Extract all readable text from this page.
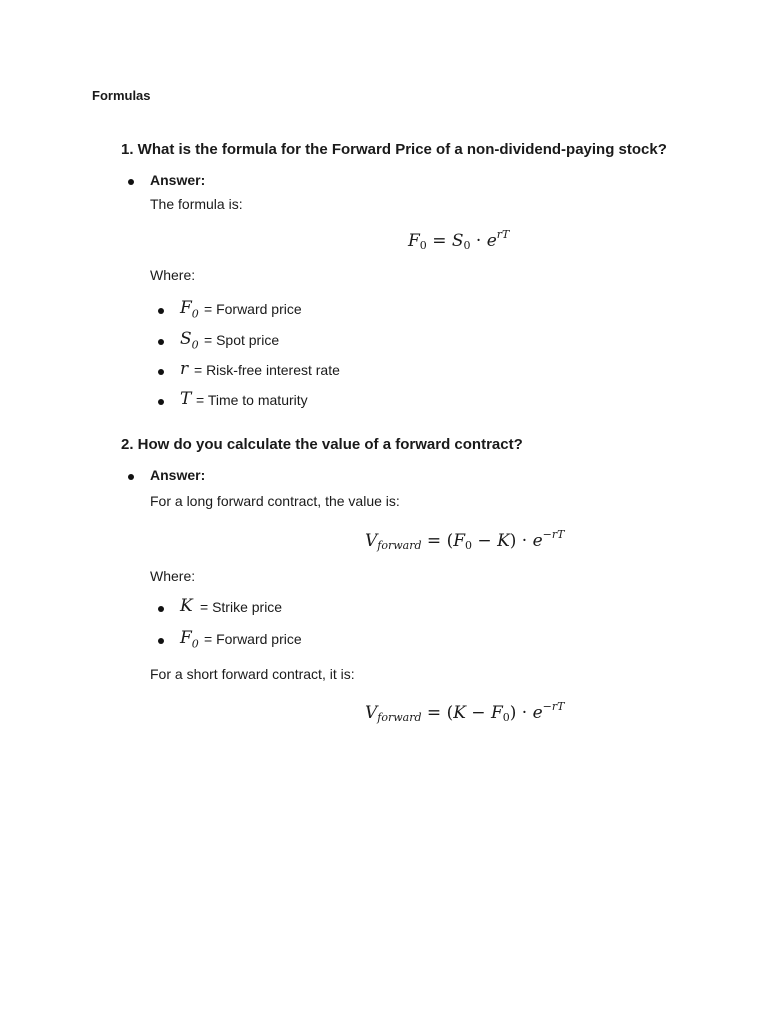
Formulas
1. What is the formula for the Forward Price of a non-dividend-paying stock?
Answer:

The formula is:

$F_0 = S_0 \cdot e^{rT}$

Where:

$F_0$ = Forward price
$S_0$ = Spot price
r = Risk-free interest rate
T = Time to maturity
2. How do you calculate the value of a forward contract?
Answer:

For a long forward contract, the value is:

$V_{forward} = (F_0 - K) \cdot e^{-rT}$

Where:

K = Strike price
$F_0$ = Forward price

For a short forward contract, it is:

$V_{forward} = (K - F_0) \cdot e^{-rT}$
